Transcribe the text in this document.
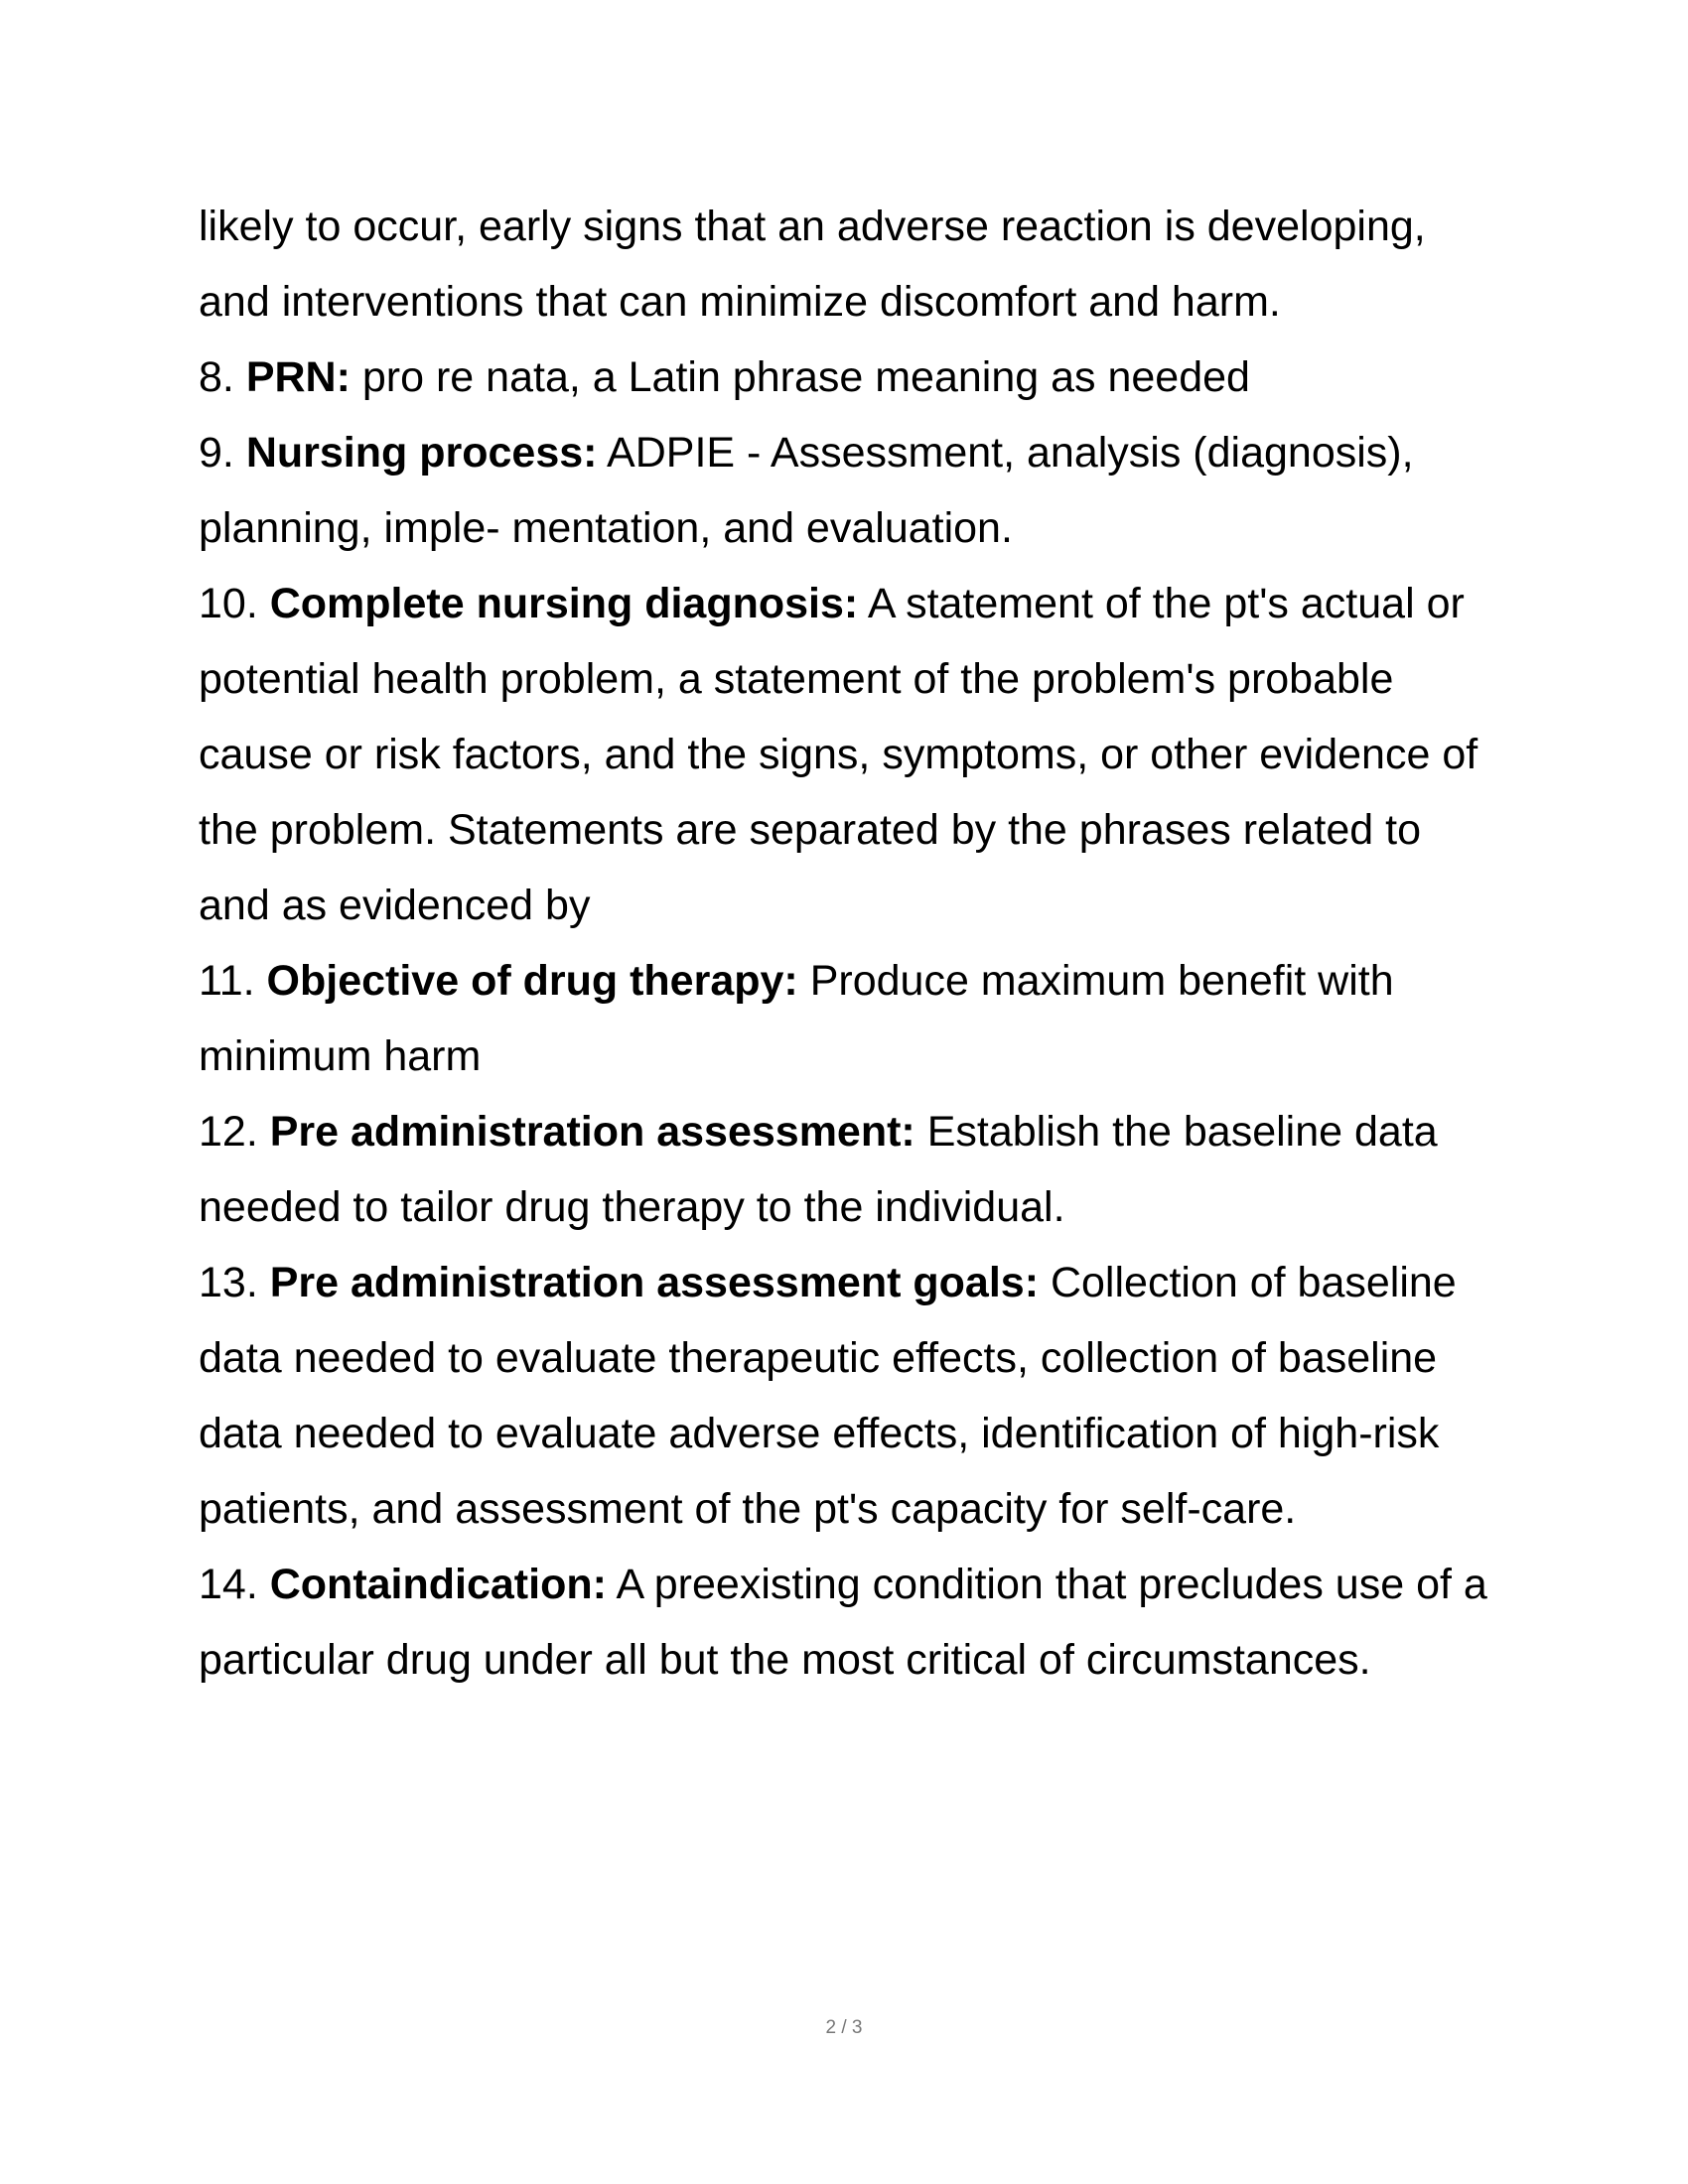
likely to occur, early signs that an adverse reaction is developing, and interventions that can minimize discomfort and harm.

8. PRN: pro re nata, a Latin phrase meaning as needed

9. Nursing process: ADPIE - Assessment, analysis (diagnosis), planning, imple- mentation, and evaluation.

10. Complete nursing diagnosis: A statement of the pt's actual or potential health problem, a statement of the problem's probable cause or risk factors, and the signs, symptoms, or other evidence of the problem. Statements are separated by the phrases related to and as evidenced by

11. Objective of drug therapy: Produce maximum benefit with minimum harm

12. Pre administration assessment: Establish the baseline data needed to tailor drug therapy to the individual.

13. Pre administration assessment goals: Collection of baseline data needed to evaluate therapeutic effects, collection of baseline data needed to evaluate adverse effects, identification of high-risk patients, and assessment of the pt's capacity for self-care.

14. Containdication: A preexisting condition that precludes use of a particular drug under all but the most critical of circumstances.

2 / 3
